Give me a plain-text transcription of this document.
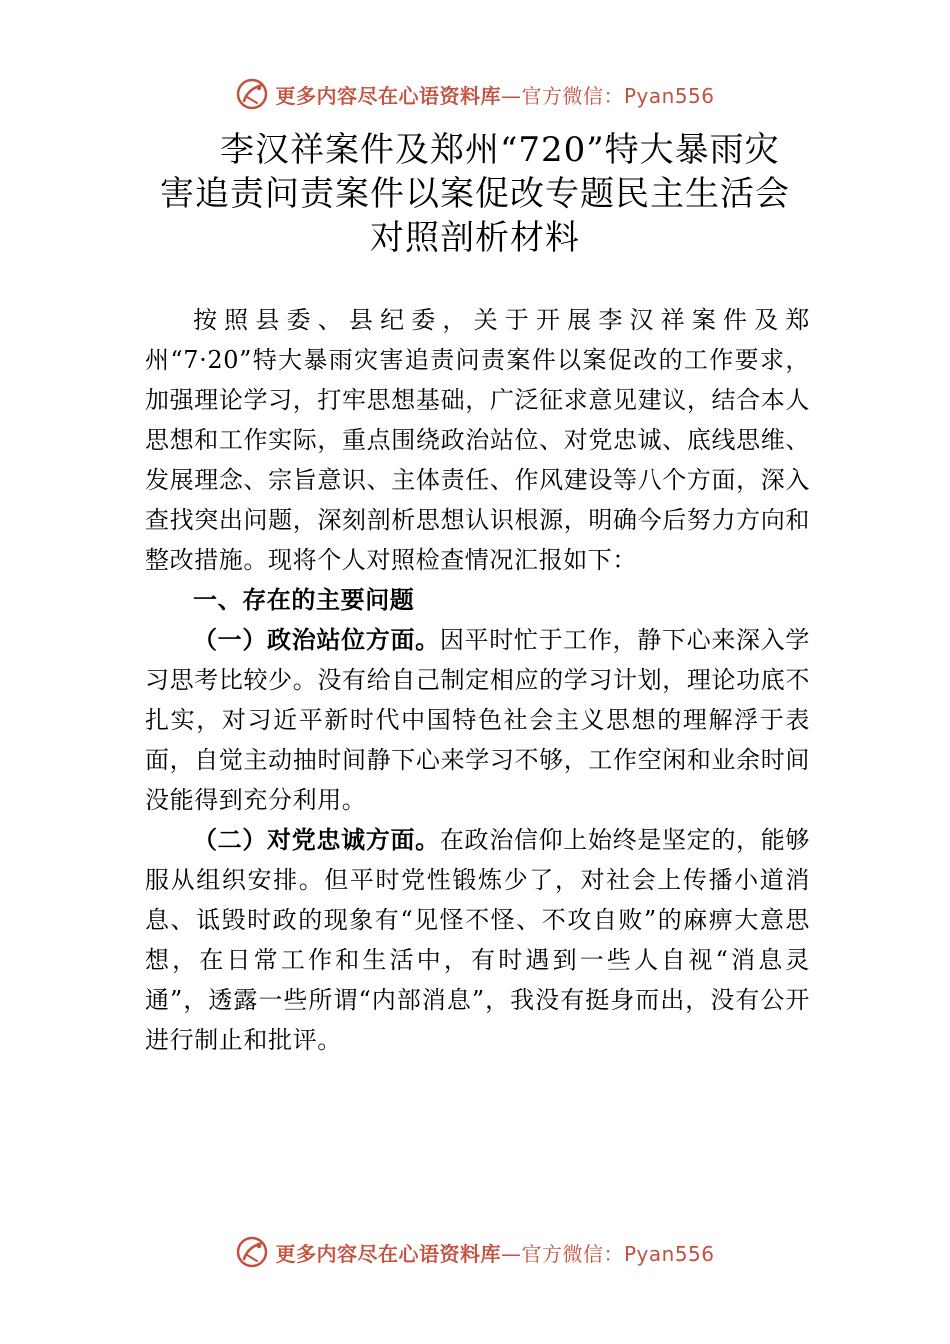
更多内容尽在心语资料库—官方微信：Pyan556
李汉祥案件及郑州“720”特大暴雨灾
害追责问责案件以案促改专题民主生活会
对照剖析材料

按照县委、县纪委，关于开展李汉祥案件及郑州“7·20”特大暴雨灾害追责问责案件以案促改的工作要求，加强理论学习，打牢思想基础，广泛征求意见建议，结合本人思想和工作实际，重点围绕政治站位、对党忠诚、底线思维、发展理念、宗旨意识、主体责任、作风建设等八个方面，深入查找突出问题，深刻剖析思想认识根源，明确今后努力方向和整改措施。现将个人对照检查情况汇报如下：

一、存在的主要问题

（一）政治站位方面。因平时忙于工作，静下心来深入学习思考比较少。没有给自己制定相应的学习计划，理论功底不扎实，对习近平新时代中国特色社会主义思想的理解浮于表面，自觉主动抽时间静下心来学习不够，工作空闲和业余时间没能得到充分利用。

（二）对党忠诚方面。在政治信仰上始终是坚定的，能够服从组织安排。但平时党性锻炼少了，对社会上传播小道消息、诋毁时政的现象有“见怪不怪、不攻自败”的麻痹大意思想，在日常工作和生活中，有时遇到一些人自视“消息灵通”，透露一些所谓“内部消息”，我没有挺身而出，没有公开进行制止和批评。

更多内容尽在心语资料库—官方微信：Pyan556
